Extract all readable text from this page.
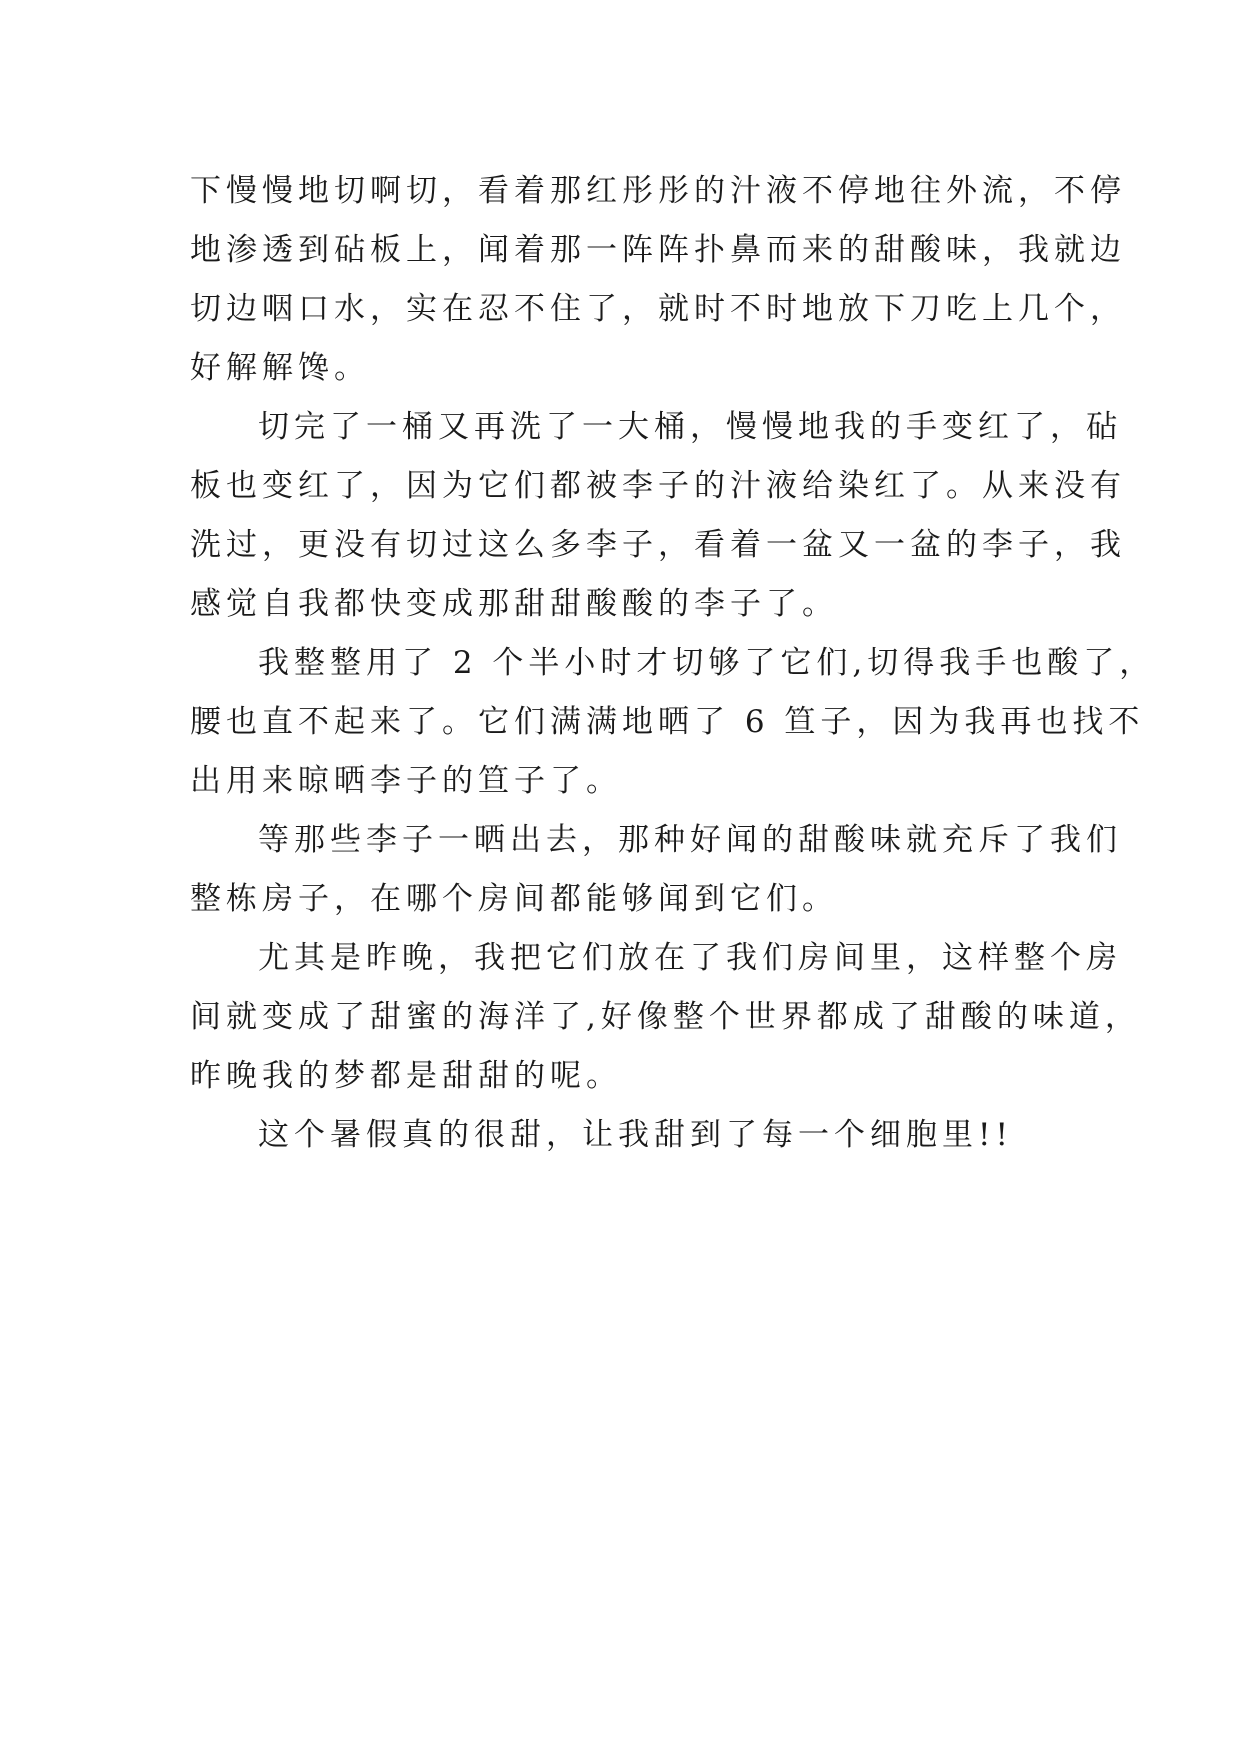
下慢慢地切啊切，看着那红彤彤的汁液不停地往外流，不停
地渗透到砧板上，闻着那一阵阵扑鼻而来的甜酸味，我就边
切边咽口水，实在忍不住了，就时不时地放下刀吃上几个，
好解解馋。
切完了一桶又再洗了一大桶，慢慢地我的手变红了，砧
板也变红了，因为它们都被李子的汁液给染红了。从来没有
洗过，更没有切过这么多李子，看着一盆又一盆的李子，我
感觉自我都快变成那甜甜酸酸的李子了。
我整整用了 2 个半小时才切够了它们,切得我手也酸了，
腰也直不起来了。它们满满地晒了 6 笪子，因为我再也找不
出用来晾晒李子的笪子了。
等那些李子一晒出去，那种好闻的甜酸味就充斥了我们
整栋房子，在哪个房间都能够闻到它们。
尤其是昨晚，我把它们放在了我们房间里，这样整个房
间就变成了甜蜜的海洋了,好像整个世界都成了甜酸的味道，
昨晚我的梦都是甜甜的呢。
这个暑假真的很甜，让我甜到了每一个细胞里!!
